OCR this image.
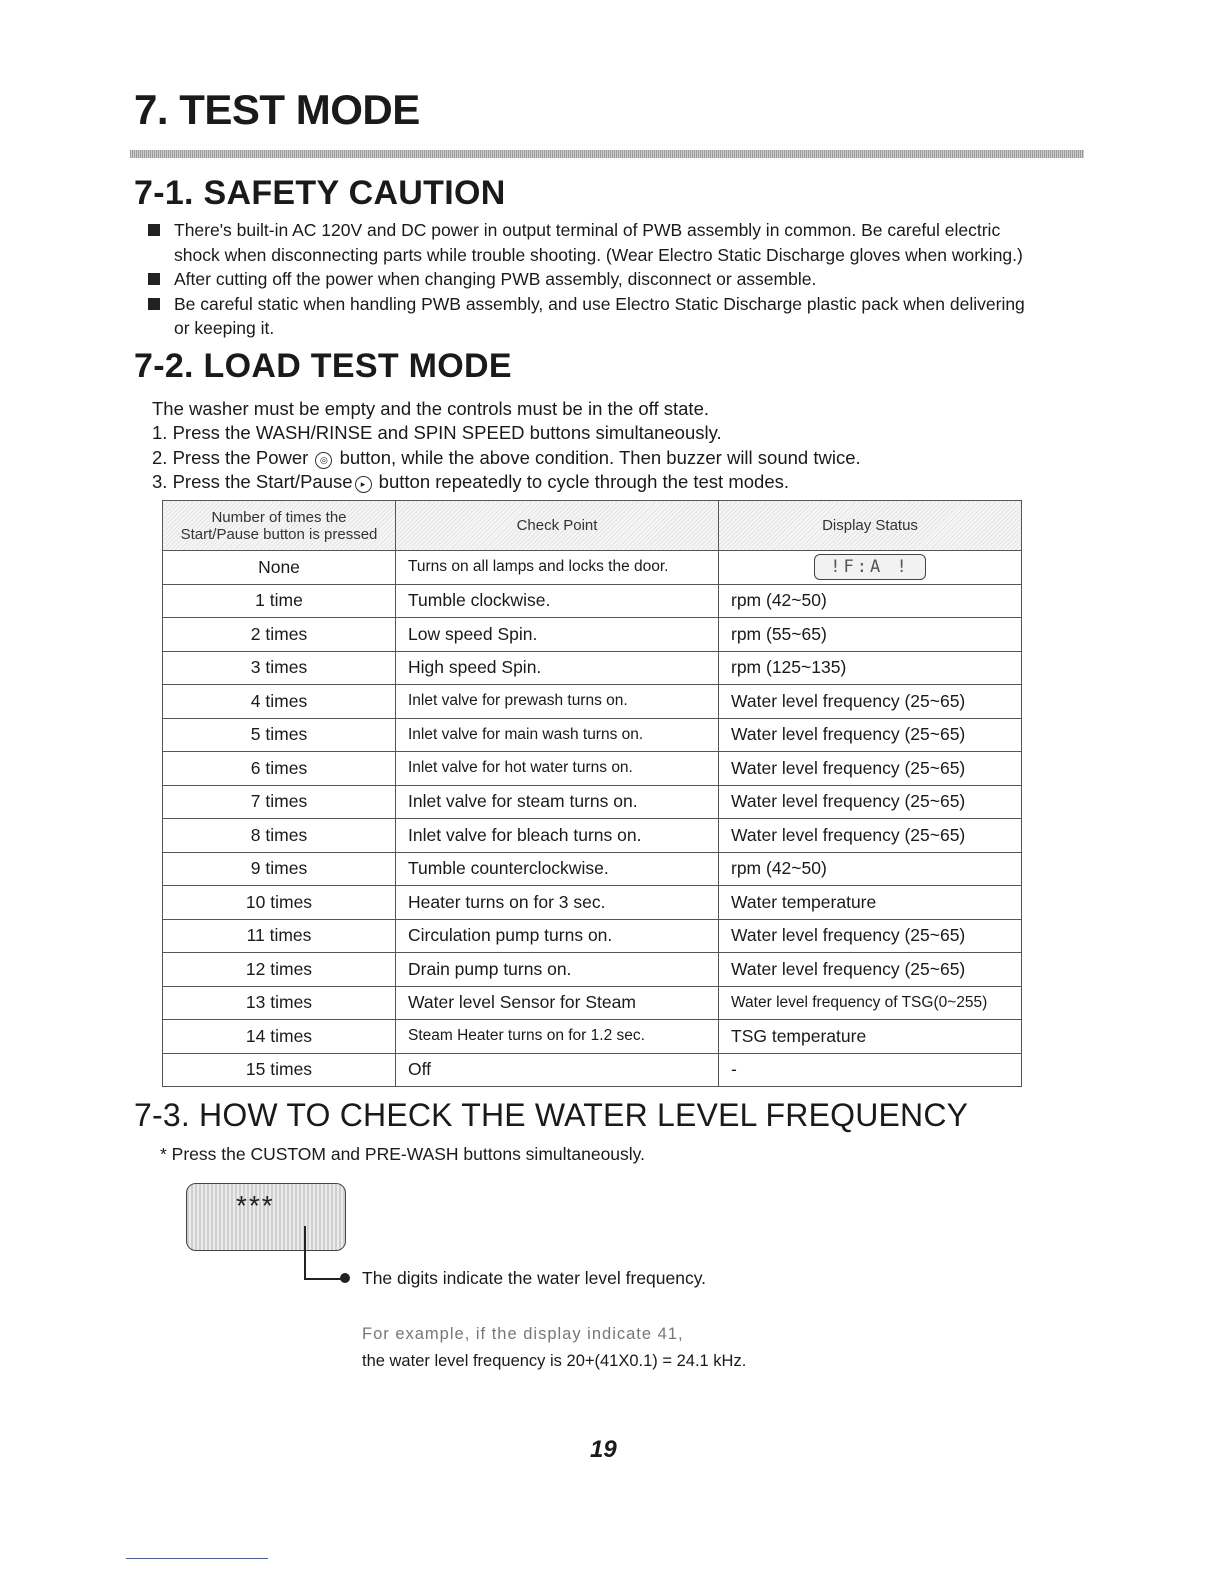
7. TEST MODE
7-1. SAFETY CAUTION
There's built-in AC 120V and DC power in output terminal of PWB assembly in common. Be careful electric
shock when disconnecting parts while trouble shooting. (Wear Electro Static Discharge gloves when working.)
After cutting off the power when changing PWB assembly, disconnect or assemble.
Be careful static when handling PWB assembly, and use Electro Static Discharge plastic pack when delivering
or keeping it.
7-2. LOAD TEST MODE
The washer must be empty and the controls must be in the off state.
1. Press the WASH/RINSE and SPIN SPEED buttons simultaneously.
2. Press the Power ◎ button, while the above condition. Then buzzer will sound twice.
3. Press the Start/Pause ▸ button repeatedly to cycle through the test modes.
Number of times the
Start/Pause button is pressed	Check Point	Display Status

None	Turns on all lamps and locks the door.	!F:A !
1 time	Tumble clockwise.	rpm (42~50)
2 times	Low speed Spin.	rpm (55~65)
3 times	High speed Spin.	rpm (125~135)
4 times	Inlet valve for prewash turns on.	Water level frequency (25~65)
5 times	Inlet valve for main wash turns on.	Water level frequency (25~65)
6 times	Inlet valve for hot water turns on.	Water level frequency (25~65)
7 times	Inlet valve for steam turns on.	Water level frequency (25~65)
8 times	Inlet valve for bleach turns on.	Water level frequency (25~65)
9 times	Tumble counterclockwise.	rpm (42~50)
10 times	Heater turns on for 3 sec.	Water temperature
11 times	Circulation pump turns on.	Water level frequency (25~65)
12 times	Drain pump turns on.	Water level frequency (25~65)
13 times	Water level Sensor for Steam	Water level frequency of TSG(0~255)
14 times	Steam Heater turns on for 1.2 sec.	TSG temperature
15 times	Off	-
7-3. HOW TO CHECK THE WATER LEVEL FREQUENCY
* Press the CUSTOM and PRE-WASH buttons simultaneously.
***
The digits indicate the water level frequency.
For example, if the display indicate 41,
the water level frequency is 20+(41X0.1) = 24.1 kHz.
19
